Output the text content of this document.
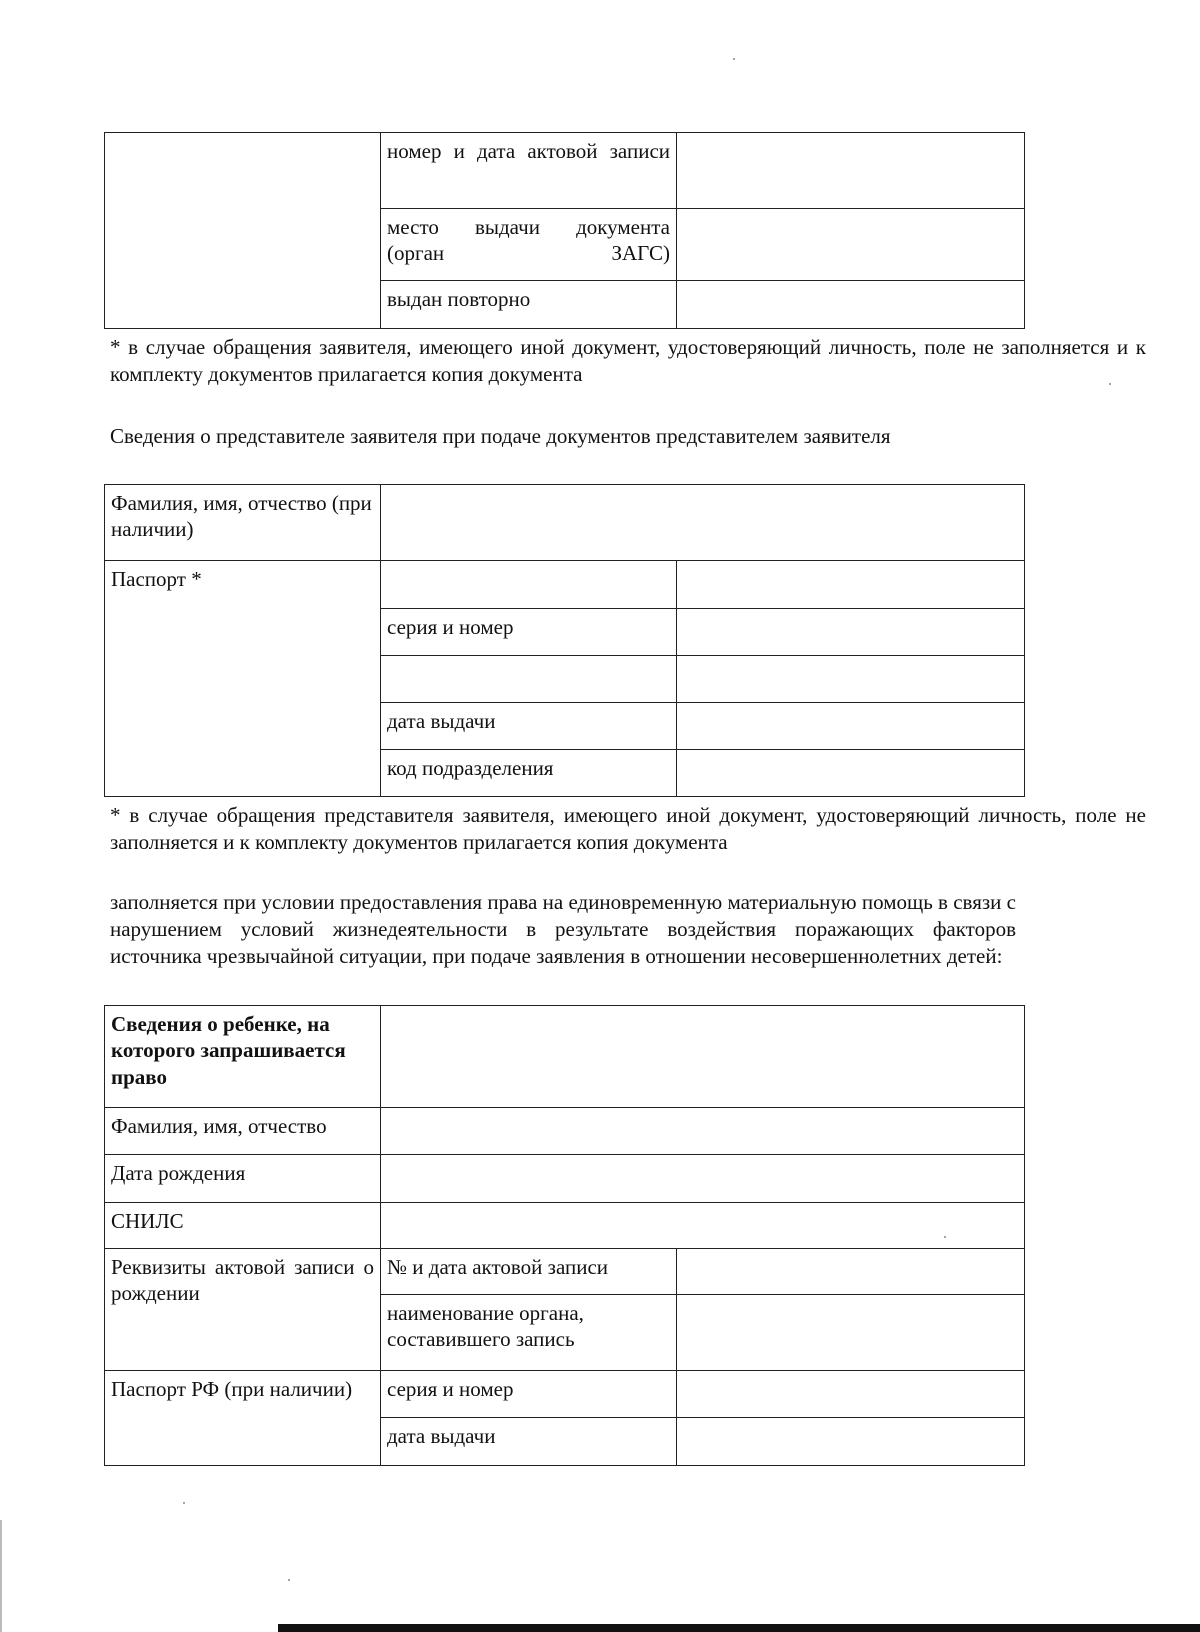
	номер и дата актовой записи	
	место выдачи документа (орган ЗАГС)	
	выдан повторно	
* в случае обращения заявителя, имеющего иной документ, удостоверяющий личность, поле не заполняется и к комплекту документов прилагается копия документа
Сведения о представителе заявителя при подаче документов представителем заявителя
Фамилия, имя, отчество (при наличии)		
Паспорт *		
	серия и номер	

	дата выдачи	
	код подразделения	
* в случае обращения представителя заявителя, имеющего иной документ, удостоверяющий личность, поле не заполняется и к комплекту документов прилагается копия документа
заполняется при условии предоставления права на единовременную материальную помощь в связи с нарушением условий жизнедеятельности в результате воздействия поражающих факторов источника чрезвычайной ситуации, при подаче заявления в отношении несовершеннолетних детей:
Сведения о ребенке, на которого запрашивается право		
Фамилия, имя, отчество		
Дата рождения		
СНИЛС		
Реквизиты актовой записи о рождении	№ и дата актовой записи	
	наименование органа, составившего запись	
Паспорт РФ (при наличии)	серия и номер	
	дата выдачи	
